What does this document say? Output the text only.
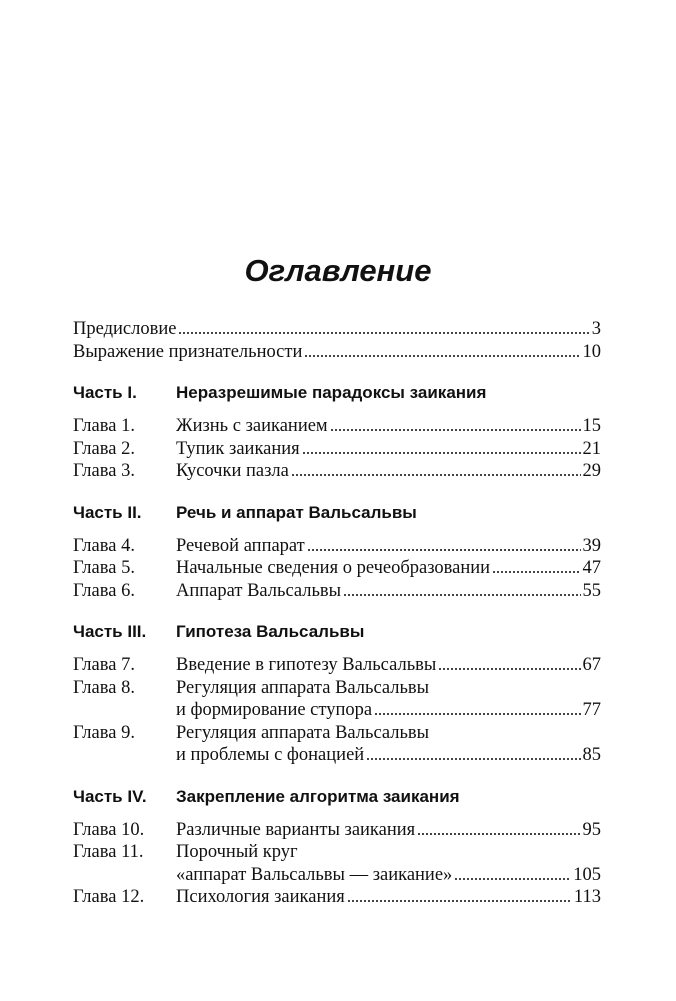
Оглавление
Предисловие	3
Выражение признательности	10
Часть I.	Неразрешимые парадоксы заикания
Глава 1.	Жизнь с заиканием	15
Глава 2.	Тупик заикания	21
Глава 3.	Кусочки пазла	29
Часть II.	Речь и аппарат Вальсальвы
Глава 4.	Речевой аппарат	39
Глава 5.	Начальные сведения о речеобразовании	47
Глава 6.	Аппарат Вальсальвы	55
Часть III.	Гипотеза Вальсальвы
Глава 7.	Введение в гипотезу Вальсальвы	67
Глава 8.	Регуляция аппарата Вальсальвы
и формирование ступора	77
Глава 9.	Регуляция аппарата Вальсальвы
и проблемы с фонацией	85
Часть IV.	Закрепление алгоритма заикания
Глава 10.	Различные варианты заикания	95
Глава 11.	Порочный круг
«аппарат Вальсальвы — заикание»	105
Глава 12.	Психология заикания	113
